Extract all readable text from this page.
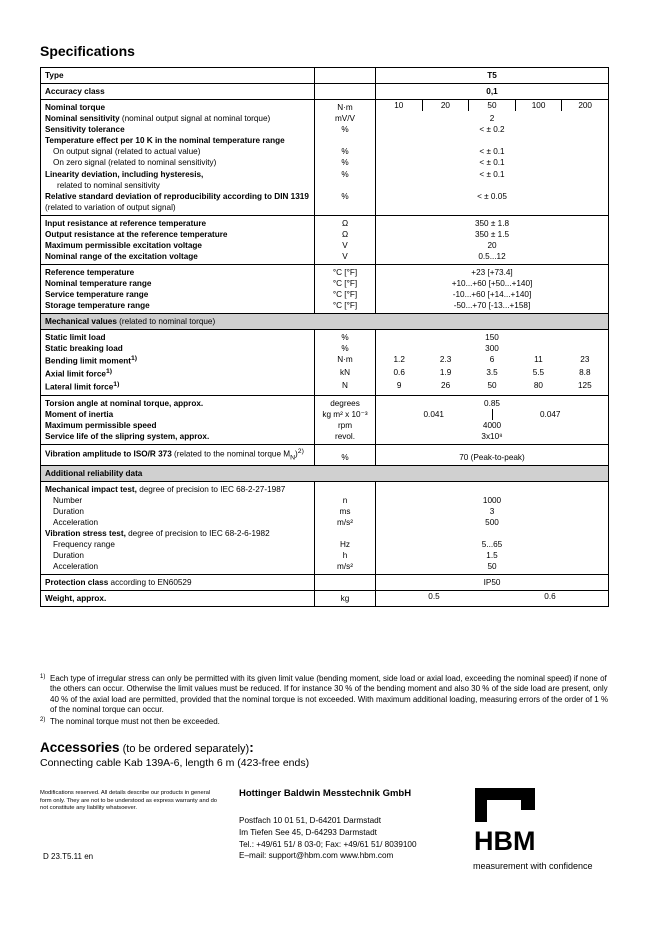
Specifications
Type		T5
Accuracy class		0,1
Nominal torque	N·m	10 20 50 100 200

Nominal sensitivity (nominal output signal at nominal torque)	mV/V	2
Sensitivity tolerance	%	< ± 0.2
Temperature effect per 10 K in the nominal temperature range		
On output signal (related to actual value)	%	< ± 0.1
On zero signal (related to nominal sensitivity)	%	< ± 0.1
Linearity deviation, including hysteresis,
related to nominal sensitivity	%	< ± 0.1
Relative standard deviation of reproducibility according to DIN 1319 (related to variation of output signal)	%	< ± 0.05
Input resistance at reference temperature	Ω	350 ± 1.8
Output resistance at the reference temperature	Ω	350 ± 1.5
Maximum permissible excitation voltage	V	20
Nominal range of the excitation voltage	V	0.5...12
Reference temperature	°C [°F]	+23 [+73.4]
Nominal temperature range	°C [°F]	+10...+60 [+50...+140]
Service temperature range	°C [°F]	-10...+60 [+14...+140]
Storage temperature range	°C [°F]	-50...+70 [-13...+158]
Mechanical values (related to nominal torque)		
Static limit load	%	150
Static breaking load	%	300
Bending limit moment$^{1)}$	N·m	1.2 2.3 6 11 23

Axial limit force$^{1)}$	kN	0.6 1.9 3.5 5.5 8.8

Lateral limit force$^{1)}$	N	9 26 50 80 125

Torsion angle at nominal torque, approx.	degrees	0.85
Moment of inertia	kg m² x 10⁻³	0.041 0.047

Maximum permissible speed	rpm	4000
Service life of the slipring system, approx.	revol.	3x10⁸
Vibration amplitude to ISO/R 373 (related to the nominal torque $M_N)^{2)}$	%	70 (Peak-to-peak)
Additional reliability data		
Mechanical impact test, degree of precision to IEC 68-2-27-1987		
Number	n	1000
Duration	ms	3
Acceleration	m/s²	500
Vibration stress test, degree of precision to IEC 68-2-6-1982		
Frequency range	Hz	5...65
Duration	h	1.5
Acceleration	m/s²	50
Protection class according to EN60529		IP50
Weight, approx.	kg	0.5 0.6

1) Each type of irregular stress can only be permitted with its given limit value (bending moment, side load or axial load, exceeding the nominal speed) if none of the others can occur. Otherwise the limit values must be reduced. If for instance 30 % of the bending moment and also 30 % of the side load are present, only 40 % of the axial load are permitted, provided that the nominal torque is not exceeded. With maximum additional loading, measuring errors of the order of 1 % of the nominal torque can occur.

2) The nominal torque must not then be exceeded.

Accessories (to be ordered separately):
Connecting cable Kab 139A-6, length 6 m (423-free ends)
Modifications reserved. All details describe our products in general form only. They are not to be understood as express warranty and do not constitute any liability whatsoever.
D 23.T5.11 en
Hottinger Baldwin Messtechnik GmbH
Postfach 10 01 51, D-64201 Darmstadt
Im Tiefen See 45, D-64293 Darmstadt
Tel.: +49/61 51/ 8 03-0; Fax: +49/61 51/ 8039100
E–mail: support@hbm.com www.hbm.com	HBM
measurement with confidence
